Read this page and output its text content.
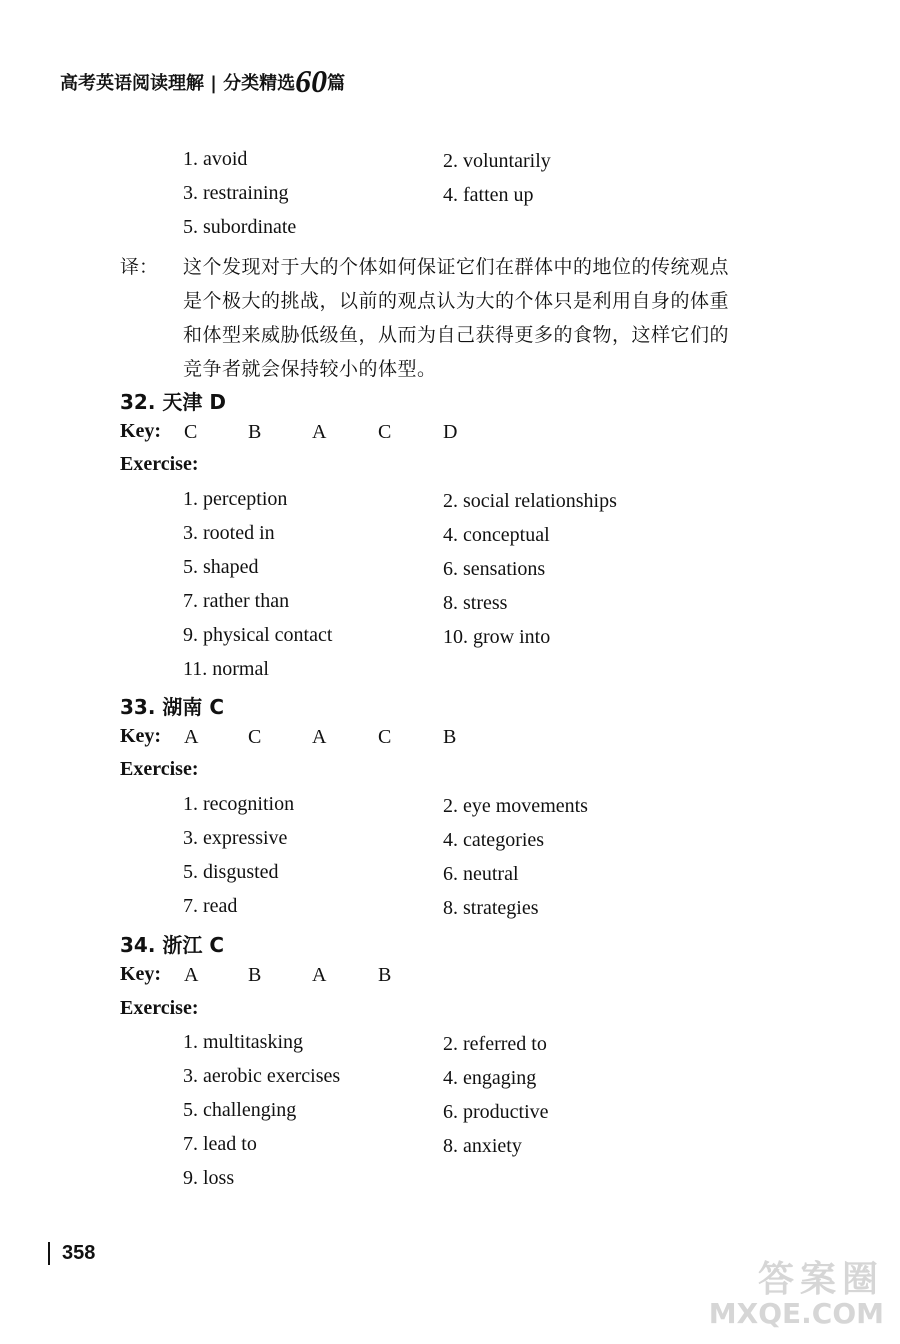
高考英语阅读理解 | 分类精选60篇
1. avoid	2. voluntarily
3. restraining	4. fatten up
5. subordinate
译： 这个发现对于大的个体如何保证它们在群体中的地位的传统观点
是个极大的挑战，以前的观点认为大的个体只是利用自身的体重
和体型来威胁低级鱼，从而为自己获得更多的食物，这样它们的
竞争者就会保持较小的体型。
32. 天津 D
Key: C	B	A	C	D
Exercise:
1. perception	2. social relationships
3. rooted in	4. conceptual
5. shaped	6. sensations
7. rather than	8. stress
9. physical contact	10. grow into
11. normal
33. 湖南 C
Key: A C	A	C	B
Exercise:
1. recognition	2. eye movements
3. expressive	4. categories
5. disgusted	6. neutral
7. read	8. strategies
34. 浙江 C
Key: A B	A	B
Exercise:
1. multitasking	2. referred to
3. aerobic exercises	4. engaging
5. challenging	6. productive
7. lead to	8. anxiety
9. loss
358
答案圈
MXQE.COM
